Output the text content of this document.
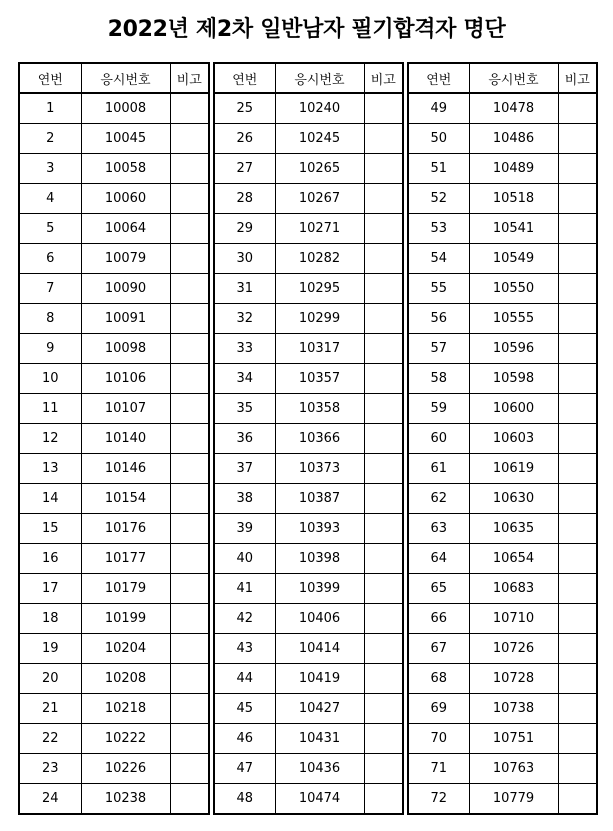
2022년 제2차 일반남자 필기합격자 명단
연번	응시번호	비고
1	10008	
2	10045	
3	10058	
4	10060	
5	10064	
6	10079	
7	10090	
8	10091	
9	10098	
10	10106	
11	10107	
12	10140	
13	10146	
14	10154	
15	10176	
16	10177	
17	10179	
18	10199	
19	10204	
20	10208	
21	10218	
22	10222	
23	10226	
24	10238	
연번	응시번호	비고
25	10240	
26	10245	
27	10265	
28	10267	
29	10271	
30	10282	
31	10295	
32	10299	
33	10317	
34	10357	
35	10358	
36	10366	
37	10373	
38	10387	
39	10393	
40	10398	
41	10399	
42	10406	
43	10414	
44	10419	
45	10427	
46	10431	
47	10436	
48	10474	
연번	응시번호	비고
49	10478	
50	10486	
51	10489	
52	10518	
53	10541	
54	10549	
55	10550	
56	10555	
57	10596	
58	10598	
59	10600	
60	10603	
61	10619	
62	10630	
63	10635	
64	10654	
65	10683	
66	10710	
67	10726	
68	10728	
69	10738	
70	10751	
71	10763	
72	10779	
